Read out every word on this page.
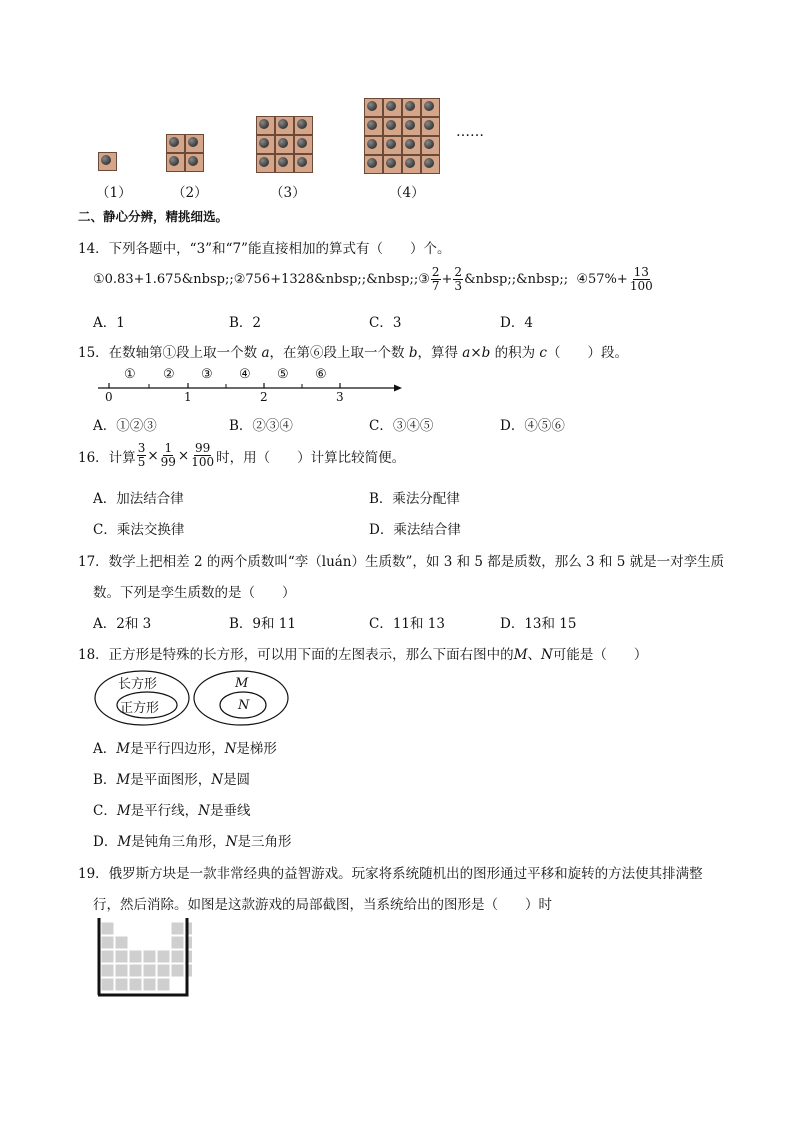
（1）	（2）	（3）	（4）
……
二、静心分辨，精挑细选。
14．下列各题中，“3”和“7”能直接相加的算式有（　　）个。
①0.83+1.675&nbsp;;②756+1328&nbsp;;&nbsp;;③ $\frac{2}{7} + \frac{2}{3}$ &nbsp;;&nbsp;;  ④57%+ $\frac{13}{100}$
A．1	B．2	C．3	D．4
15．在数轴第①段上取一个数 a，在第⑥段上取一个数 b，算得 a×b 的积为 c（　　）段。
① ② ③ ④ ⑤ ⑥
0	1	2	3
A．①②③	B．②③④	C．③④⑤	D．④⑤⑥
16．计算 $\frac{3}{5} \times \frac{1}{99} \times \frac{99}{100}$ 时，用（　　）计算比较简便。
A．加法结合律	B．乘法分配律
C．乘法交换律	D．乘法结合律
17．数学上把相差 2 的两个质数叫“孪（luán）生质数”，如 3 和 5 都是质数，那么 3 和 5 就是一对孪生质
数。下列是孪生质数的是（　　）
A．2和 3	B．9和 11	C．11和 13	D．13和 15
18．正方形是特殊的长方形，可以用下面的左图表示，那么下面右图中的M、N可能是（　　）
长方形
正方形
M
N
A．M是平行四边形，N是梯形
B．M是平面图形，N是圆
C．M是平行线，N是垂线
D．M是钝角三角形，N是三角形
19．俄罗斯方块是一款非常经典的益智游戏。玩家将系统随机出的图形通过平移和旋转的方法使其排满整
行，然后消除。如图是这款游戏的局部截图，当系统给出的图形是（　　）时
